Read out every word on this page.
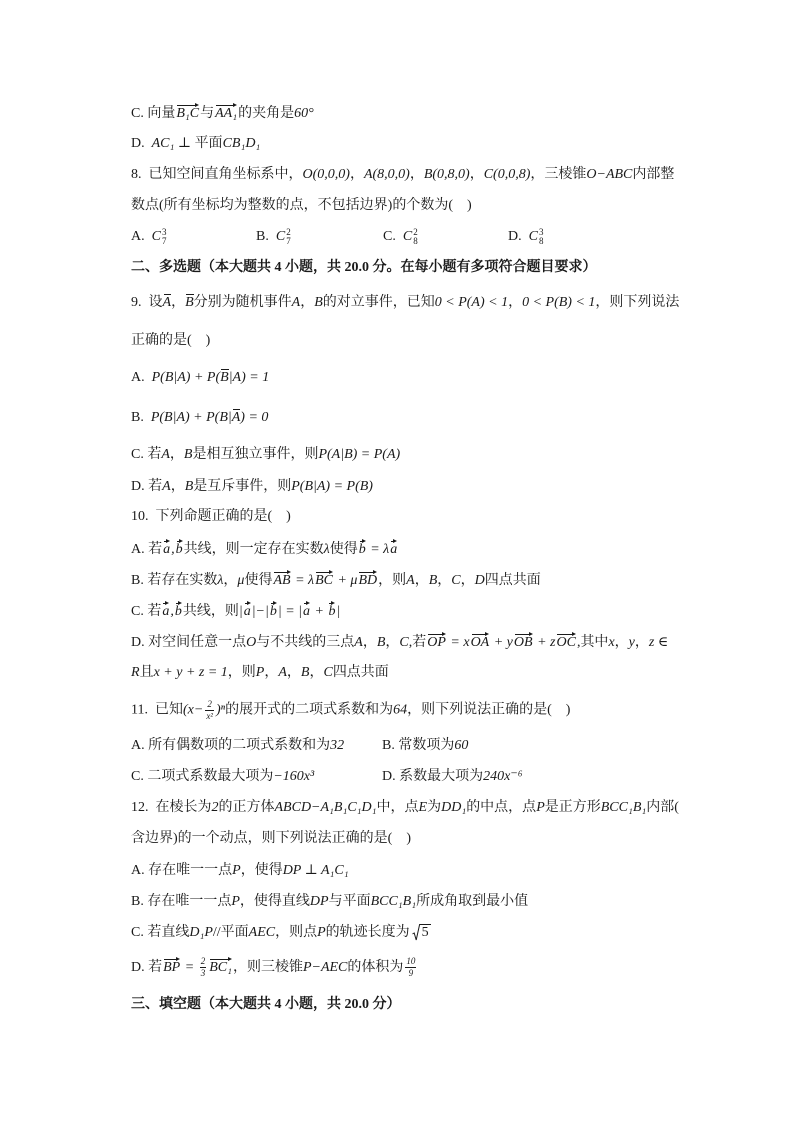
C. 向量B₁C与AA₁的夹角是60°
D.  AC₁ ⊥ 平面CB₁D₁
8.  已知空间直角坐标系中，O(0,0,0)，A(8,0,0)，B(0,8,0)，C(0,0,8)，三棱锥O−ABC内部整
数点(所有坐标均为整数的点，不包括边界)的个数为(    )
A.  C 3
7	B.  C 2
7	C.  C 2
8	D.  C 3
8
二、多选题（本大题共 4 小题，共 20.0 分。在每小题有多项符合题目要求）
9.  设A，B分别为随机事件A，B的对立事件，已知0 < P(A) < 1，0 < P(B) < 1，则下列说法
正确的是(    )
A.  P(B|A) + P(B|A) = 1
B.  P(B|A) + P(B|A) = 0
C. 若A，B是相互独立事件，则P(A|B) = P(A)
D. 若A，B是互斥事件，则P(B|A) = P(B)
10.  下列命题正确的是(    )
A. 若a,b共线，则一定存在实数λ使得b = λa
B. 若存在实数λ，μ使得AB = λBC + μBD，则A，B，C，D四点共面
C. 若a,b共线，则|a|−|b| = |a + b|
D. 对空间任意一点O与不共线的三点A，B，C,若OP = xOA + yOB + zOC,其中x，y，z ∈
R且x + y + z = 1，则P，A，B，C四点共面
11.  已知$(x- \frac{2}{\text{x²}} )^n$的展开式的二项式系数和为64，则下列说法正确的是(    )
A. 所有偶数项的二项式系数和为32	B. 常数项为60
C. 二项式系数最大项为−160x³	D. 系数最大项为240x⁻⁶
12.  在棱长为2的正方体ABCD−A₁B₁C₁D₁中，点E为DD₁的中点，点P是正方形BCC₁B₁内部(
含边界)的一个动点，则下列说法正确的是(    )
A. 存在唯一一点P，使得DP ⊥ A₁C₁
B. 存在唯一一点P，使得直线DP与平面BCC₁B₁所成角取到最小值
C. 若直线D₁P//平面AEC，则点P的轨迹长度为 5
D. 若BP = $\frac{2}{3} BC_1$，则三棱锥P−AEC的体积为 $\frac{10}{9}$
三、填空题（本大题共 4 小题，共 20.0 分）
